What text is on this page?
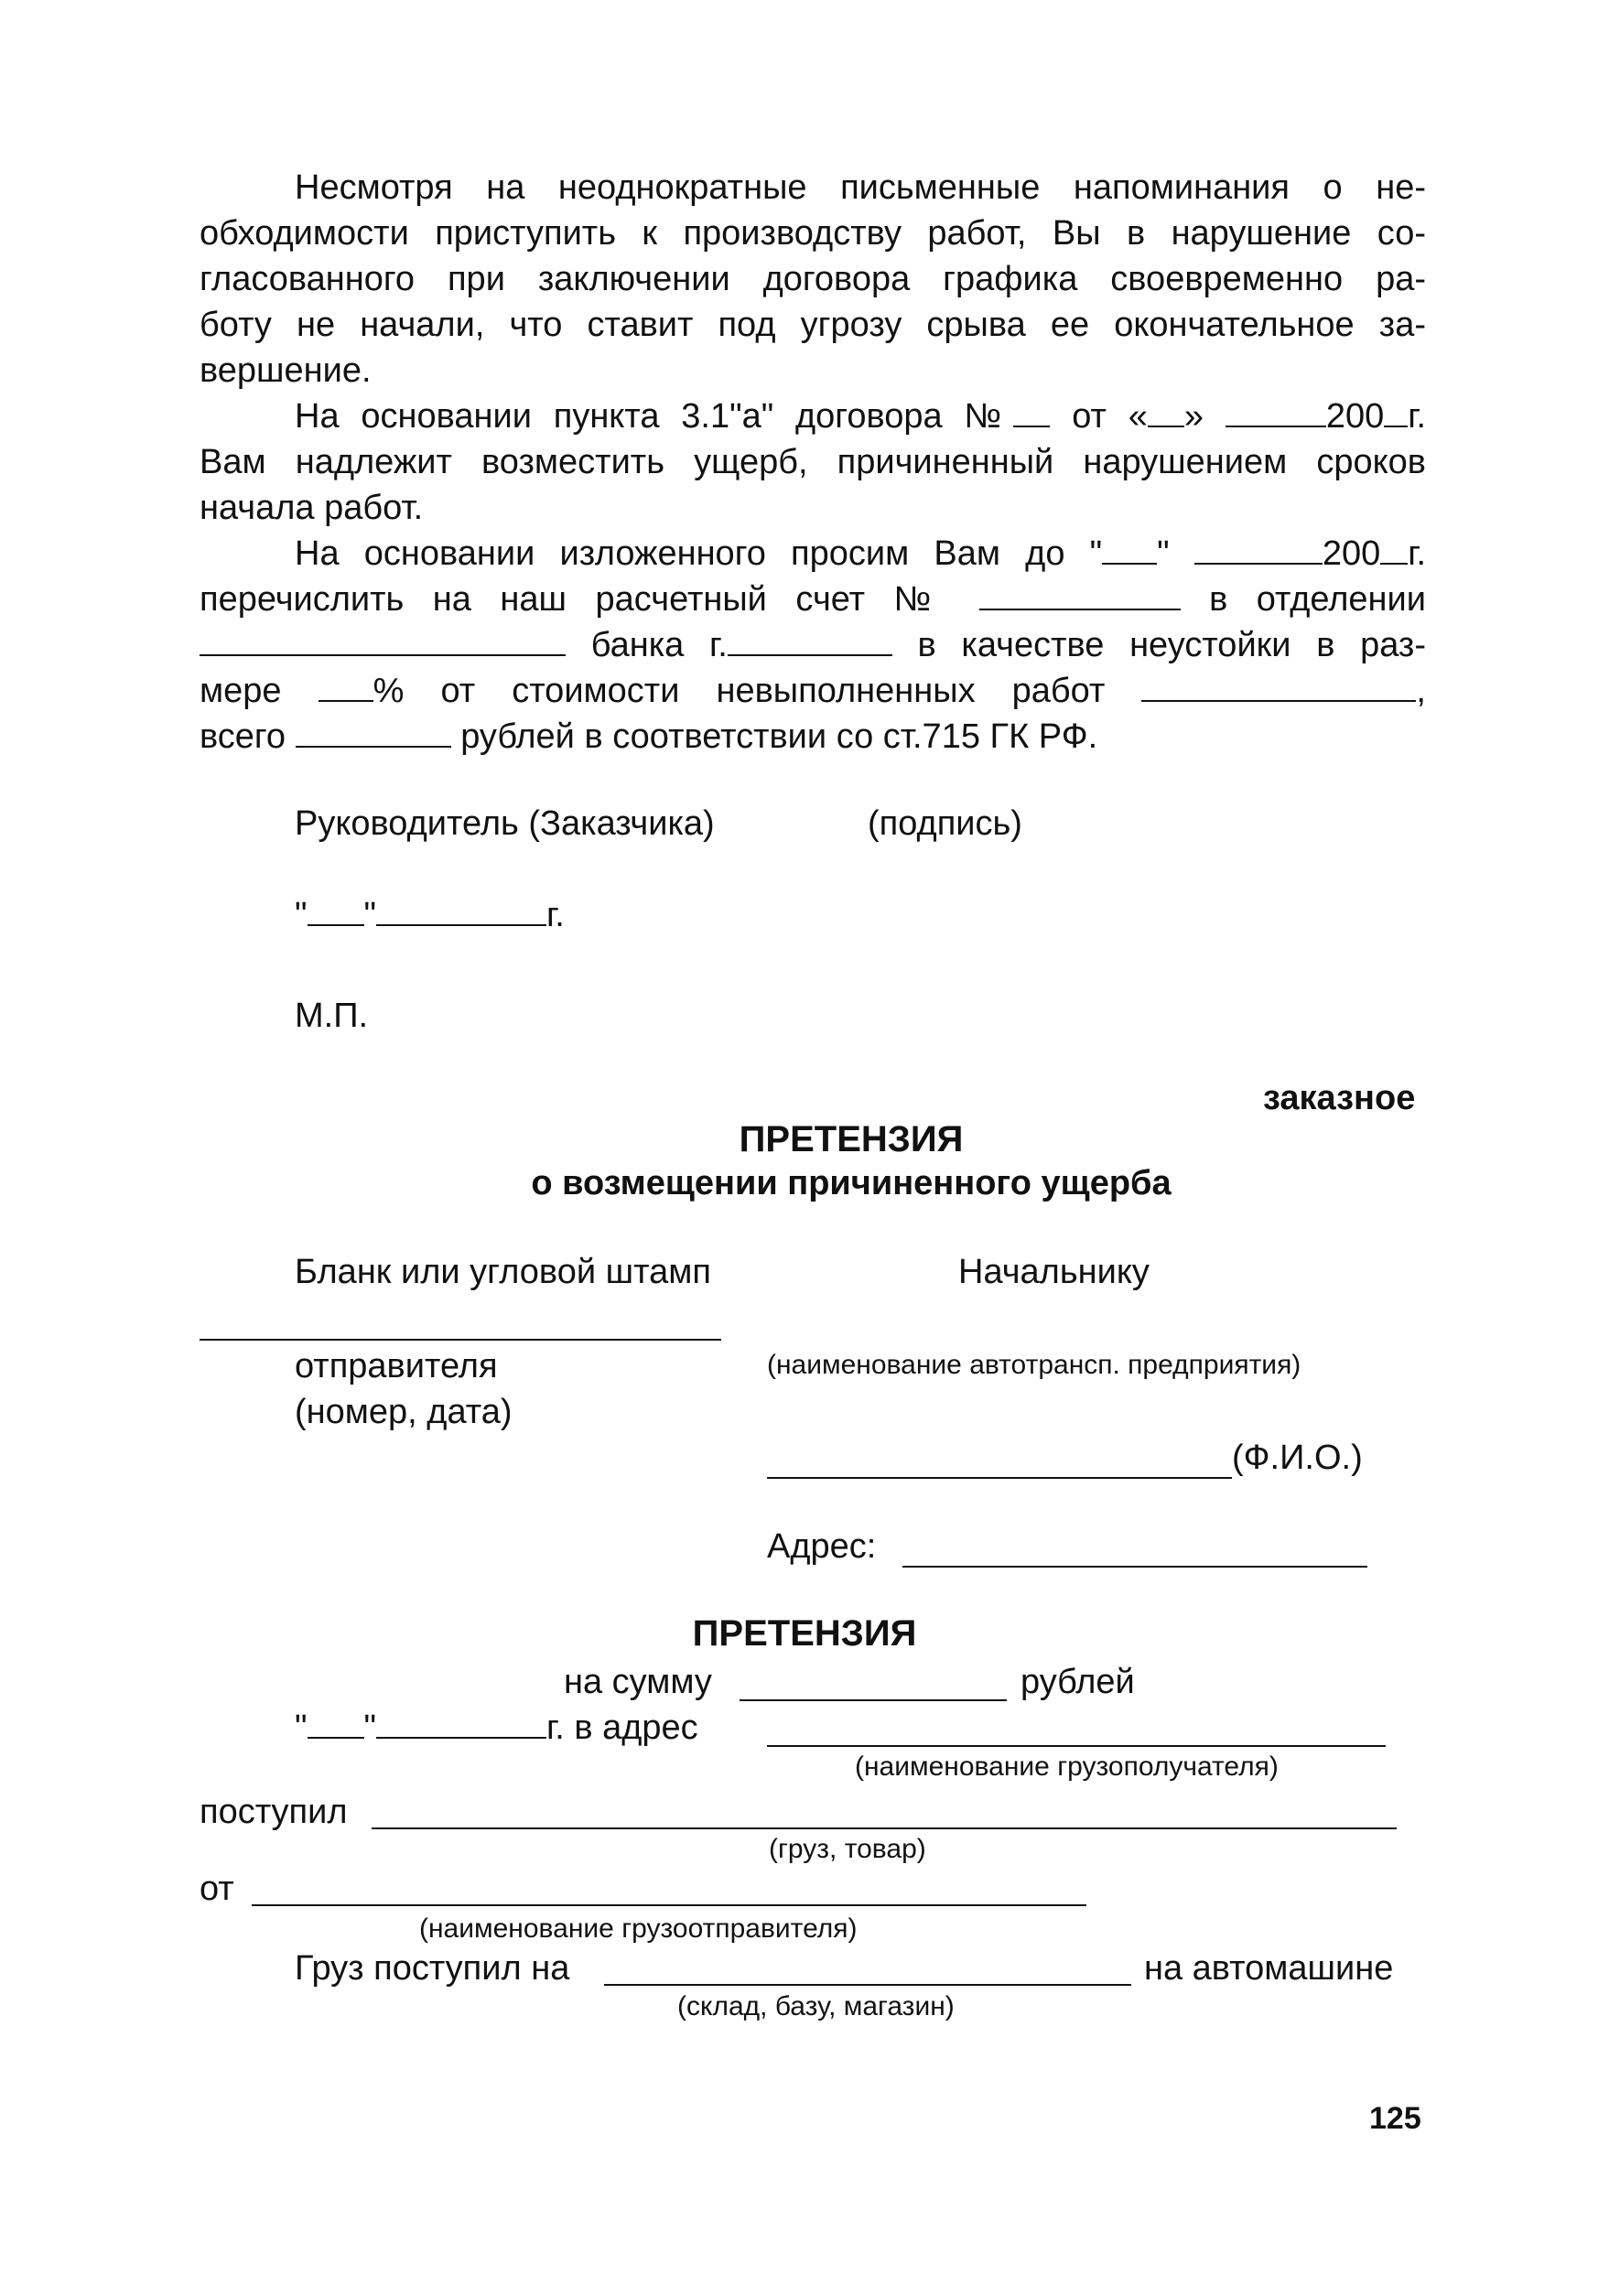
Несмотря на неоднократные письменные напоминания о не-
обходимости приступить к производству работ, Вы в нарушение со-
гласованного при заключении договора графика своевременно ра-
боту не начали, что ставит под угрозу срыва ее окончательное за-
вершение.
На основании пункта 3.1"а" договора № от « »	200 г.
Вам надлежит возместить ущерб, причиненный нарушением сроков
начала работ.
На основании изложенного просим Вам до " "	200 г.
перечислить на наш расчетный счет №	в отделении
банка г.	в качестве неустойки в раз-
мере	% от стоимости невыполненных работ	,
всего	рублей в соответствии со ст.715 ГК РФ.
Руководитель (Заказчика)	(подпись)
" "	г.
М.П.
заказное
ПРЕТЕНЗИЯ
о возмещении причиненного ущерба
Бланк или угловой штамп	Начальнику
отправителя
(номер, дата)
(наименование автотрансп. предприятия)
(Ф.И.О.)
Адрес:
ПРЕТЕНЗИЯ
на сумму	рублей
" "	г. в адрес
(наименование грузополучателя)
поступил
(груз, товар)
от
(наименование грузоотправителя)
Груз поступил на	на автомашине
(склад, базу, магазин)
125
